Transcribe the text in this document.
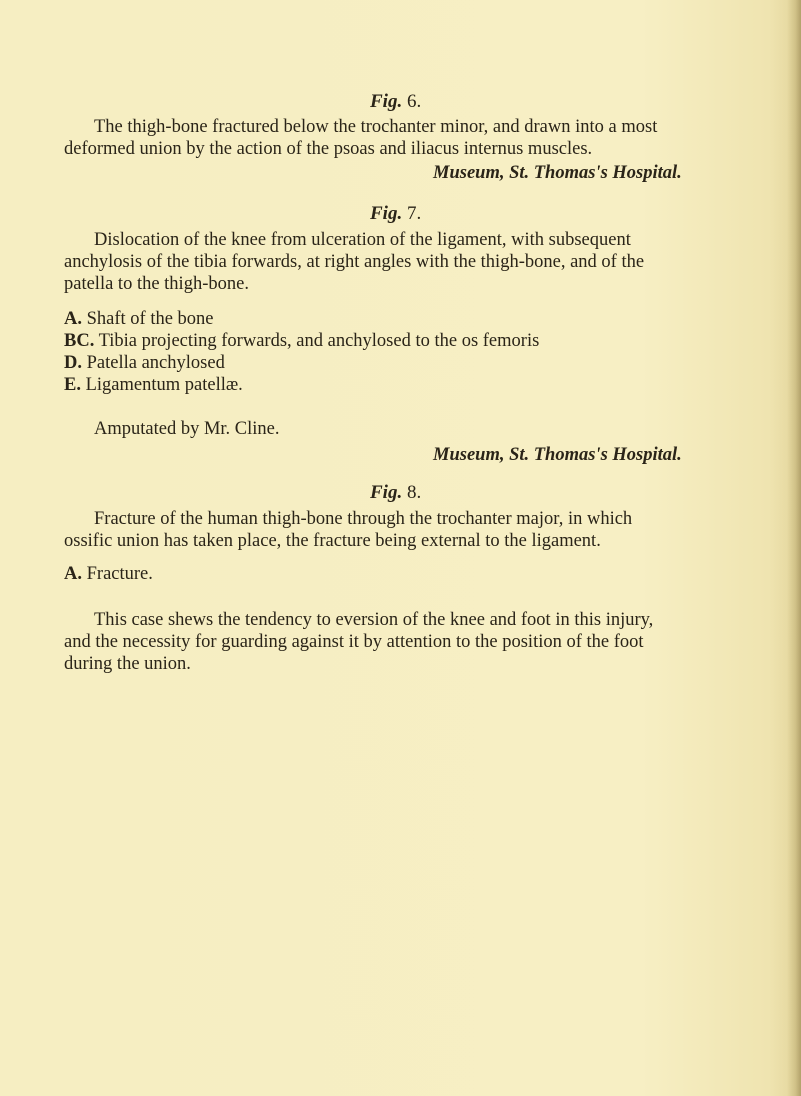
Fig. 6.
The thigh-bone fractured below the trochanter minor, and drawn into a most
deformed union by the action of the psoas and iliacus internus muscles.
Museum, St. Thomas's Hospital.
Fig. 7.
Dislocation of the knee from ulceration of the ligament, with subsequent
anchylosis of the tibia forwards, at right angles with the thigh-bone, and of the
patella to the thigh-bone.
A. Shaft of the bone
BC. Tibia projecting forwards, and anchylosed to the os femoris
D. Patella anchylosed
E. Ligamentum patellæ.
Amputated by Mr. Cline.
Museum, St. Thomas's Hospital.
Fig. 8.
Fracture of the human thigh-bone through the trochanter major, in which
ossific union has taken place, the fracture being external to the ligament.
A. Fracture.
This case shews the tendency to eversion of the knee and foot in this injury,
and the necessity for guarding against it by attention to the position of the foot
during the union.
